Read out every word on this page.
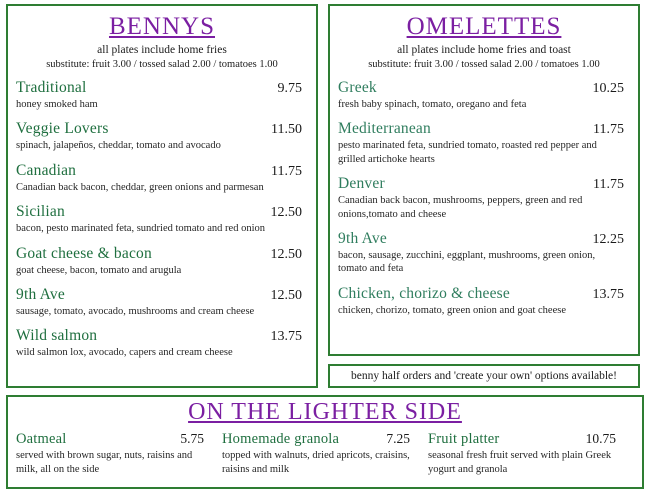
BENNYS
all plates include home fries
substitute: fruit 3.00 / tossed salad 2.00 / tomatoes 1.00
Traditional	9.75
honey smoked ham
Veggie Lovers	11.50
spinach, jalapeños, cheddar, tomato and avocado
Canadian	11.75
Canadian back bacon, cheddar, green onions and parmesan
Sicilian	12.50
bacon, pesto marinated feta, sundried tomato and red onion
Goat cheese & bacon	12.50
goat cheese, bacon, tomato and arugula
9th Ave	12.50
sausage, tomato, avocado, mushrooms and cream cheese
Wild salmon	13.75
wild salmon lox, avocado, capers and cream cheese
OMELETTES
all plates include home fries and toast
substitute: fruit 3.00 / tossed salad 2.00 / tomatoes 1.00
Greek	10.25
fresh baby spinach, tomato, oregano and feta
Mediterranean	11.75
pesto marinated feta, sundried tomato, roasted red pepper and grilled artichoke hearts
Denver	11.75
Canadian back bacon, mushrooms, peppers, green and red onions,tomato and cheese
9th Ave	12.25
bacon, sausage, zucchini, eggplant, mushrooms, green onion, tomato and feta
Chicken, chorizo & cheese	13.75
chicken, chorizo, tomato, green onion and goat cheese
benny half orders and 'create your own' options available!
ON THE LIGHTER SIDE
Oatmeal	5.75
served with brown sugar, nuts, raisins and milk, all on the side
Homemade granola	7.25
topped with walnuts, dried apricots, craisins, raisins and milk
Fruit platter	10.75
seasonal fresh fruit served with plain Greek yogurt and granola
